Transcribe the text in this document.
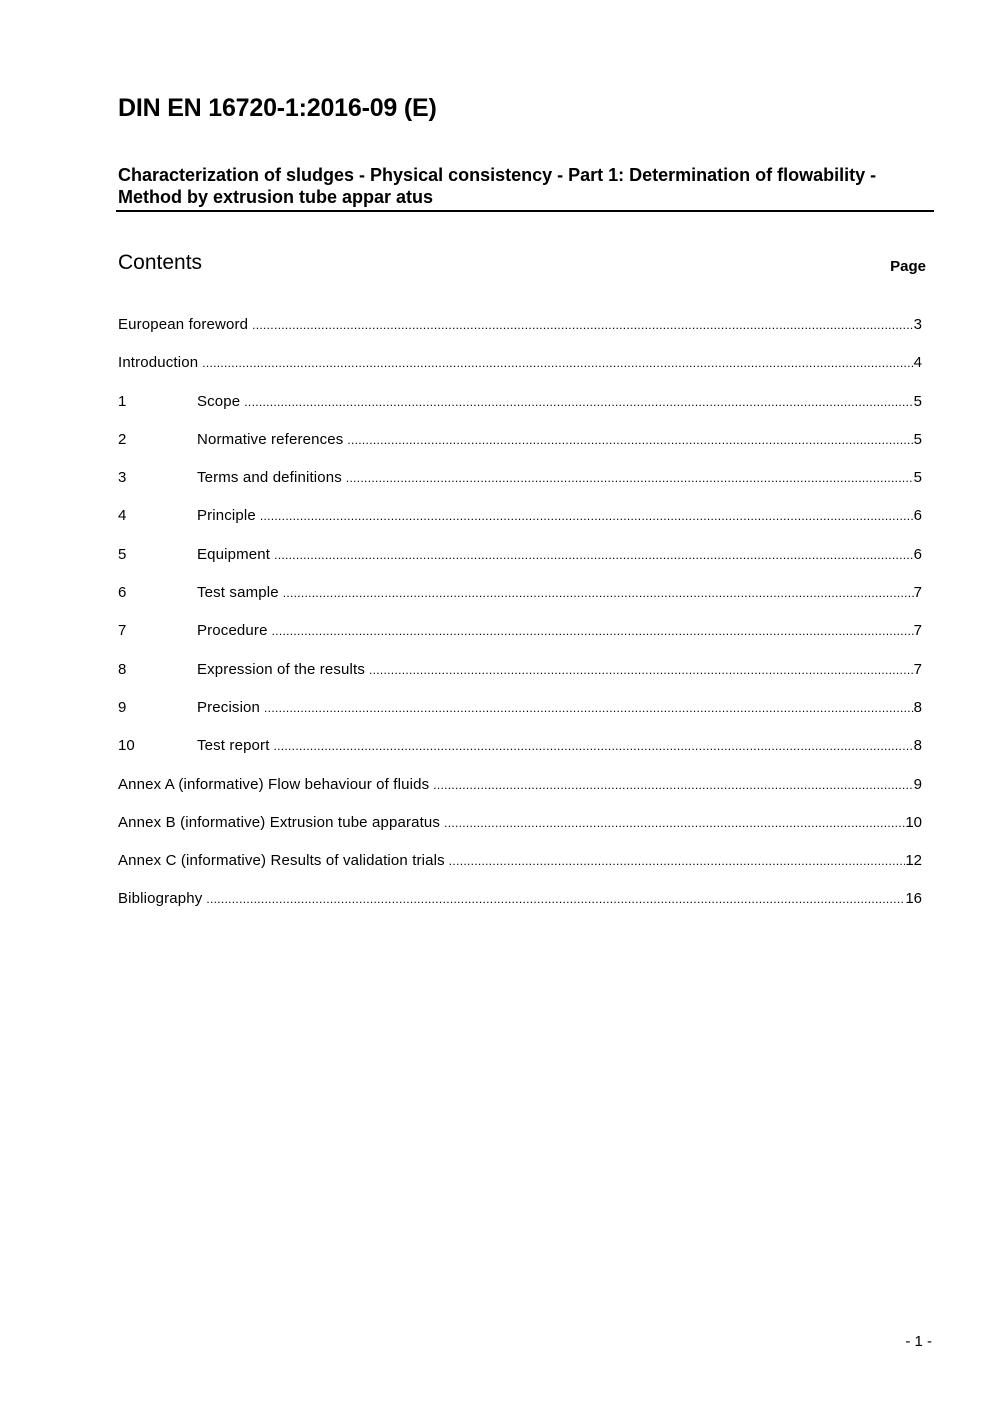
DIN EN 16720-1:2016-09 (E)
Characterization of sludges - Physical consistency - Part 1: Determination of flowability - Method by extrusion tube appar atus
Contents	Page
European foreword .....	3
Introduction .....	4
1	Scope .....	5
2	Normative references .....	5
3	Terms and definitions .....	5
4	Principle .....	6
5	Equipment .....	6
6	Test sample .....	7
7	Procedure .....	7
8	Expression of the results .....	7
9	Precision .....	8
10	Test report .....	8
Annex A (informative) Flow behaviour of fluids .....	9
Annex B (informative) Extrusion tube apparatus .....	10
Annex C (informative) Results of validation trials .....	12
Bibliography .....	16
- 1 -
